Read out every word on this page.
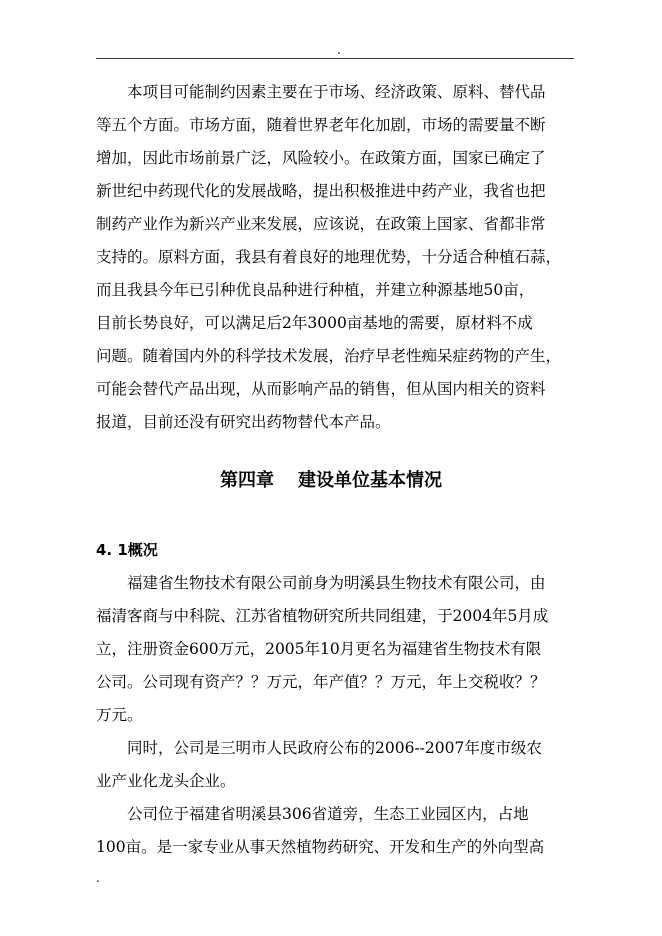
.
本项目可能制约因素主要在于市场、经济政策、原料、替代品
等五个方面。市场方面，随着世界老年化加剧，市场的需要量不断
增加，因此市场前景广泛，风险较小。在政策方面，国家已确定了
新世纪中药现代化的发展战略，提出积极推进中药产业，我省也把
制药产业作为新兴产业来发展，应该说，在政策上国家、省都非常
支持的。原料方面，我县有着良好的地理优势，十分适合种植石蒜，
而且我县今年已引种优良品种进行种植，并建立种源基地50亩，
目前长势良好，可以满足后2年3000亩基地的需要，原材料不成
问题。随着国内外的科学技术发展，治疗早老性痴呆症药物的产生，
可能会替代产品出现，从而影响产品的销售，但从国内相关的资料
报道，目前还没有研究出药物替代本产品。
第四章 建设单位基本情况
4. 1概况
福建省生物技术有限公司前身为明溪县生物技术有限公司，由
福清客商与中科院、江苏省植物研究所共同组建，于2004年5月成
立，注册资金600万元，2005年10月更名为福建省生物技术有限
公司。公司现有资产？？万元，年产值？？万元，年上交税收？？
万元。
同时，公司是三明市人民政府公布的2006--2007年度市级农
业产业化龙头企业。
公司位于福建省明溪县306省道旁，生态工业园区内，占地
100亩。是一家专业从事天然植物药研究、开发和生产的外向型高
.
